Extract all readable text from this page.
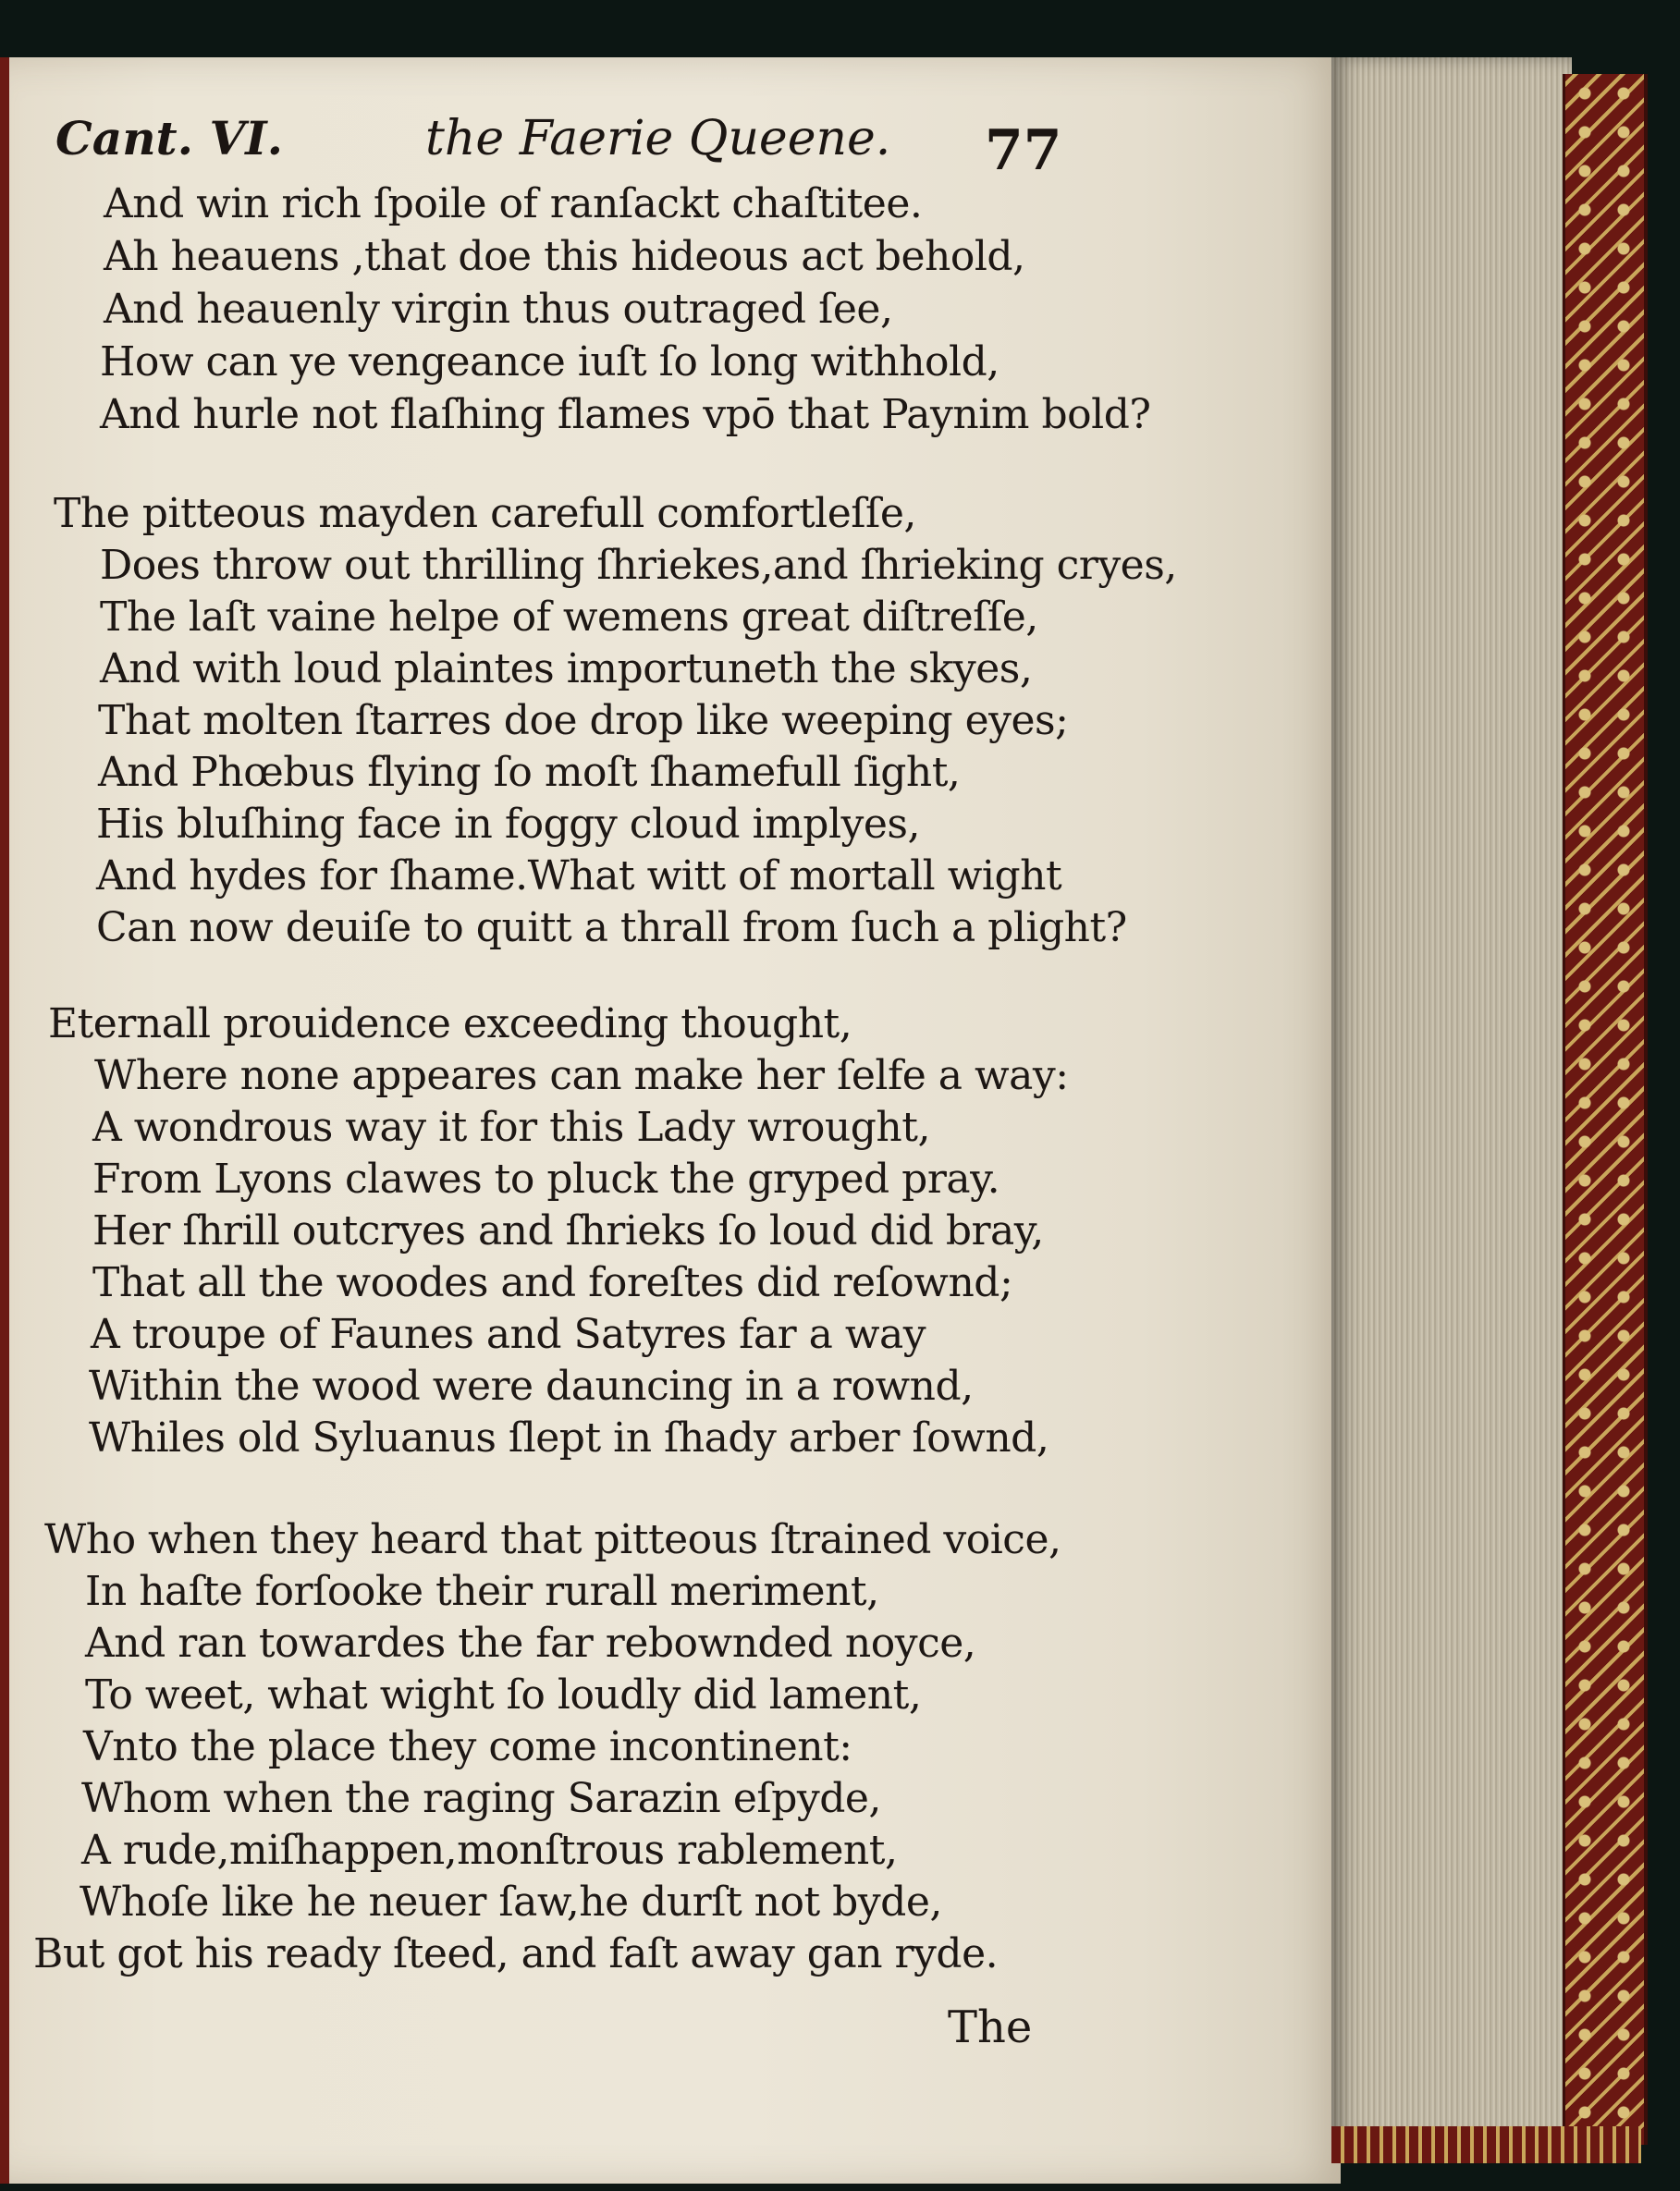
Cant. VI.	the Faerie Queene. 77
And win rich ſpoile of ranſackt chaſtitee.
Ah heauens ,that doe this hideous act behold,
And heauenly virgin thus outraged ſee,
How can ye vengeance iuſt ſo long withhold,
And hurle not flaſhing flames vpō that Paynim bold?
The pitteous mayden carefull comfortleſſe,
Does throw out thrilling ſhriekes,and ſhrieking cryes,
The laſt vaine helpe of wemens great diſtreſſe,
And with loud plaintes importuneth the skyes,
That molten ſtarres doe drop like weeping eyes;
And Phœbus flying ſo moſt ſhamefull ſight,
His bluſhing face in foggy cloud implyes,
And hydes for ſhame.What witt of mortall wight
Can now deuiſe to quitt a thrall from ſuch a plight?
Eternall prouidence exceeding thought,
Where none appeares can make her ſelfe a way:
A wondrous way it for this Lady wrought,
From Lyons clawes to pluck the gryped pray.
Her ſhrill outcryes and ſhrieks ſo loud did bray,
That all the woodes and foreſtes did reſownd;
A troupe of Faunes and Satyres far a way
Within the wood were dauncing in a rownd,
Whiles old Syluanus ſlept in ſhady arber ſownd,
Who when they heard that pitteous ſtrained voice,
In haſte forſooke their rurall meriment,
And ran towardes the far rebownded noyce,
To weet, what wight ſo loudly did lament,
Vnto the place they come incontinent:
Whom when the raging Sarazin eſpyde,
A rude,miſhappen,monſtrous rablement,
Whoſe like he neuer ſaw,he durſt not byde,
But got his ready ſteed, and faſt away gan ryde.
The
